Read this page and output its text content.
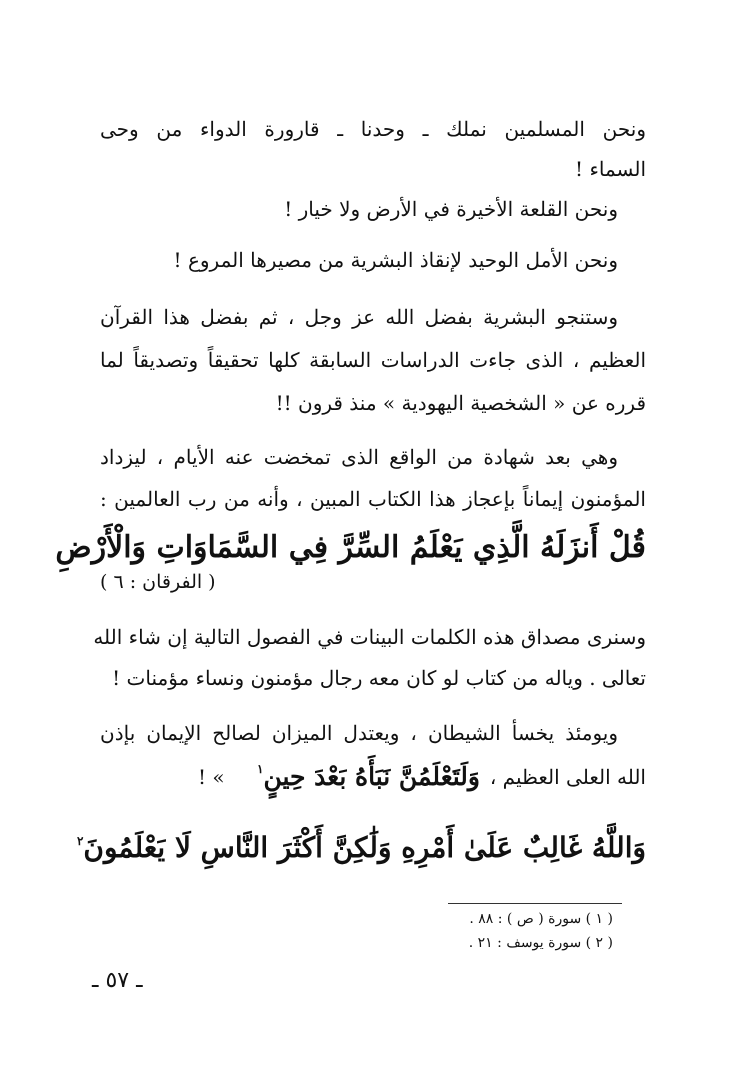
ونحن المسلمين نملك ـ وحدنا ـ قارورة الدواء من وحى
السماء !
ونحن القلعة الأخيرة في الأرض ولا خيار !
ونحن الأمل الوحيد لإنقاذ البشرية من مصيرها المروع !
وستنجو البشرية بفضل الله عز وجل ، ثم بفضل هذا القرآن
العظيم ، الذى جاءت الدراسات السابقة كلها تحقيقاً وتصديقاً لما
قرره عن « الشخصية اليهودية » منذ قرون !!
وهي بعد شهادة من الواقع الذى تمخضت عنه الأيام ، ليزداد
المؤمنون إيماناً بإعجاز هذا الكتاب المبين ، وأنه من رب العالمين :
قُلْ أَنزَلَهُ الَّذِي يَعْلَمُ السِّرَّ فِي السَّمَاوَاتِ وَالْأَرْضِ
( الفرقان : ٦ )
وسنرى مصداق هذه الكلمات البينات في الفصول التالية إن شاء الله
تعالى . وياله من كتاب لو كان معه رجال مؤمنون ونساء مؤمنات !
ويومئذ يخسأ الشيطان ، ويعتدل الميزان لصالح الإيمان بإذن
الله العلى العظيم ،
وَلَتَعْلَمُنَّ نَبَأَهُ بَعْدَ حِينٍ$^١$
» !
وَاللَّهُ غَالِبٌ عَلَىٰ أَمْرِهِ وَلَٰكِنَّ أَكْثَرَ النَّاسِ لَا يَعْلَمُونَ$^٢$
( ١ ) سورة ( ص ) : ٨٨ .
( ٢ ) سورة يوسف : ٢١ .
ـ ٥٧ ـ
